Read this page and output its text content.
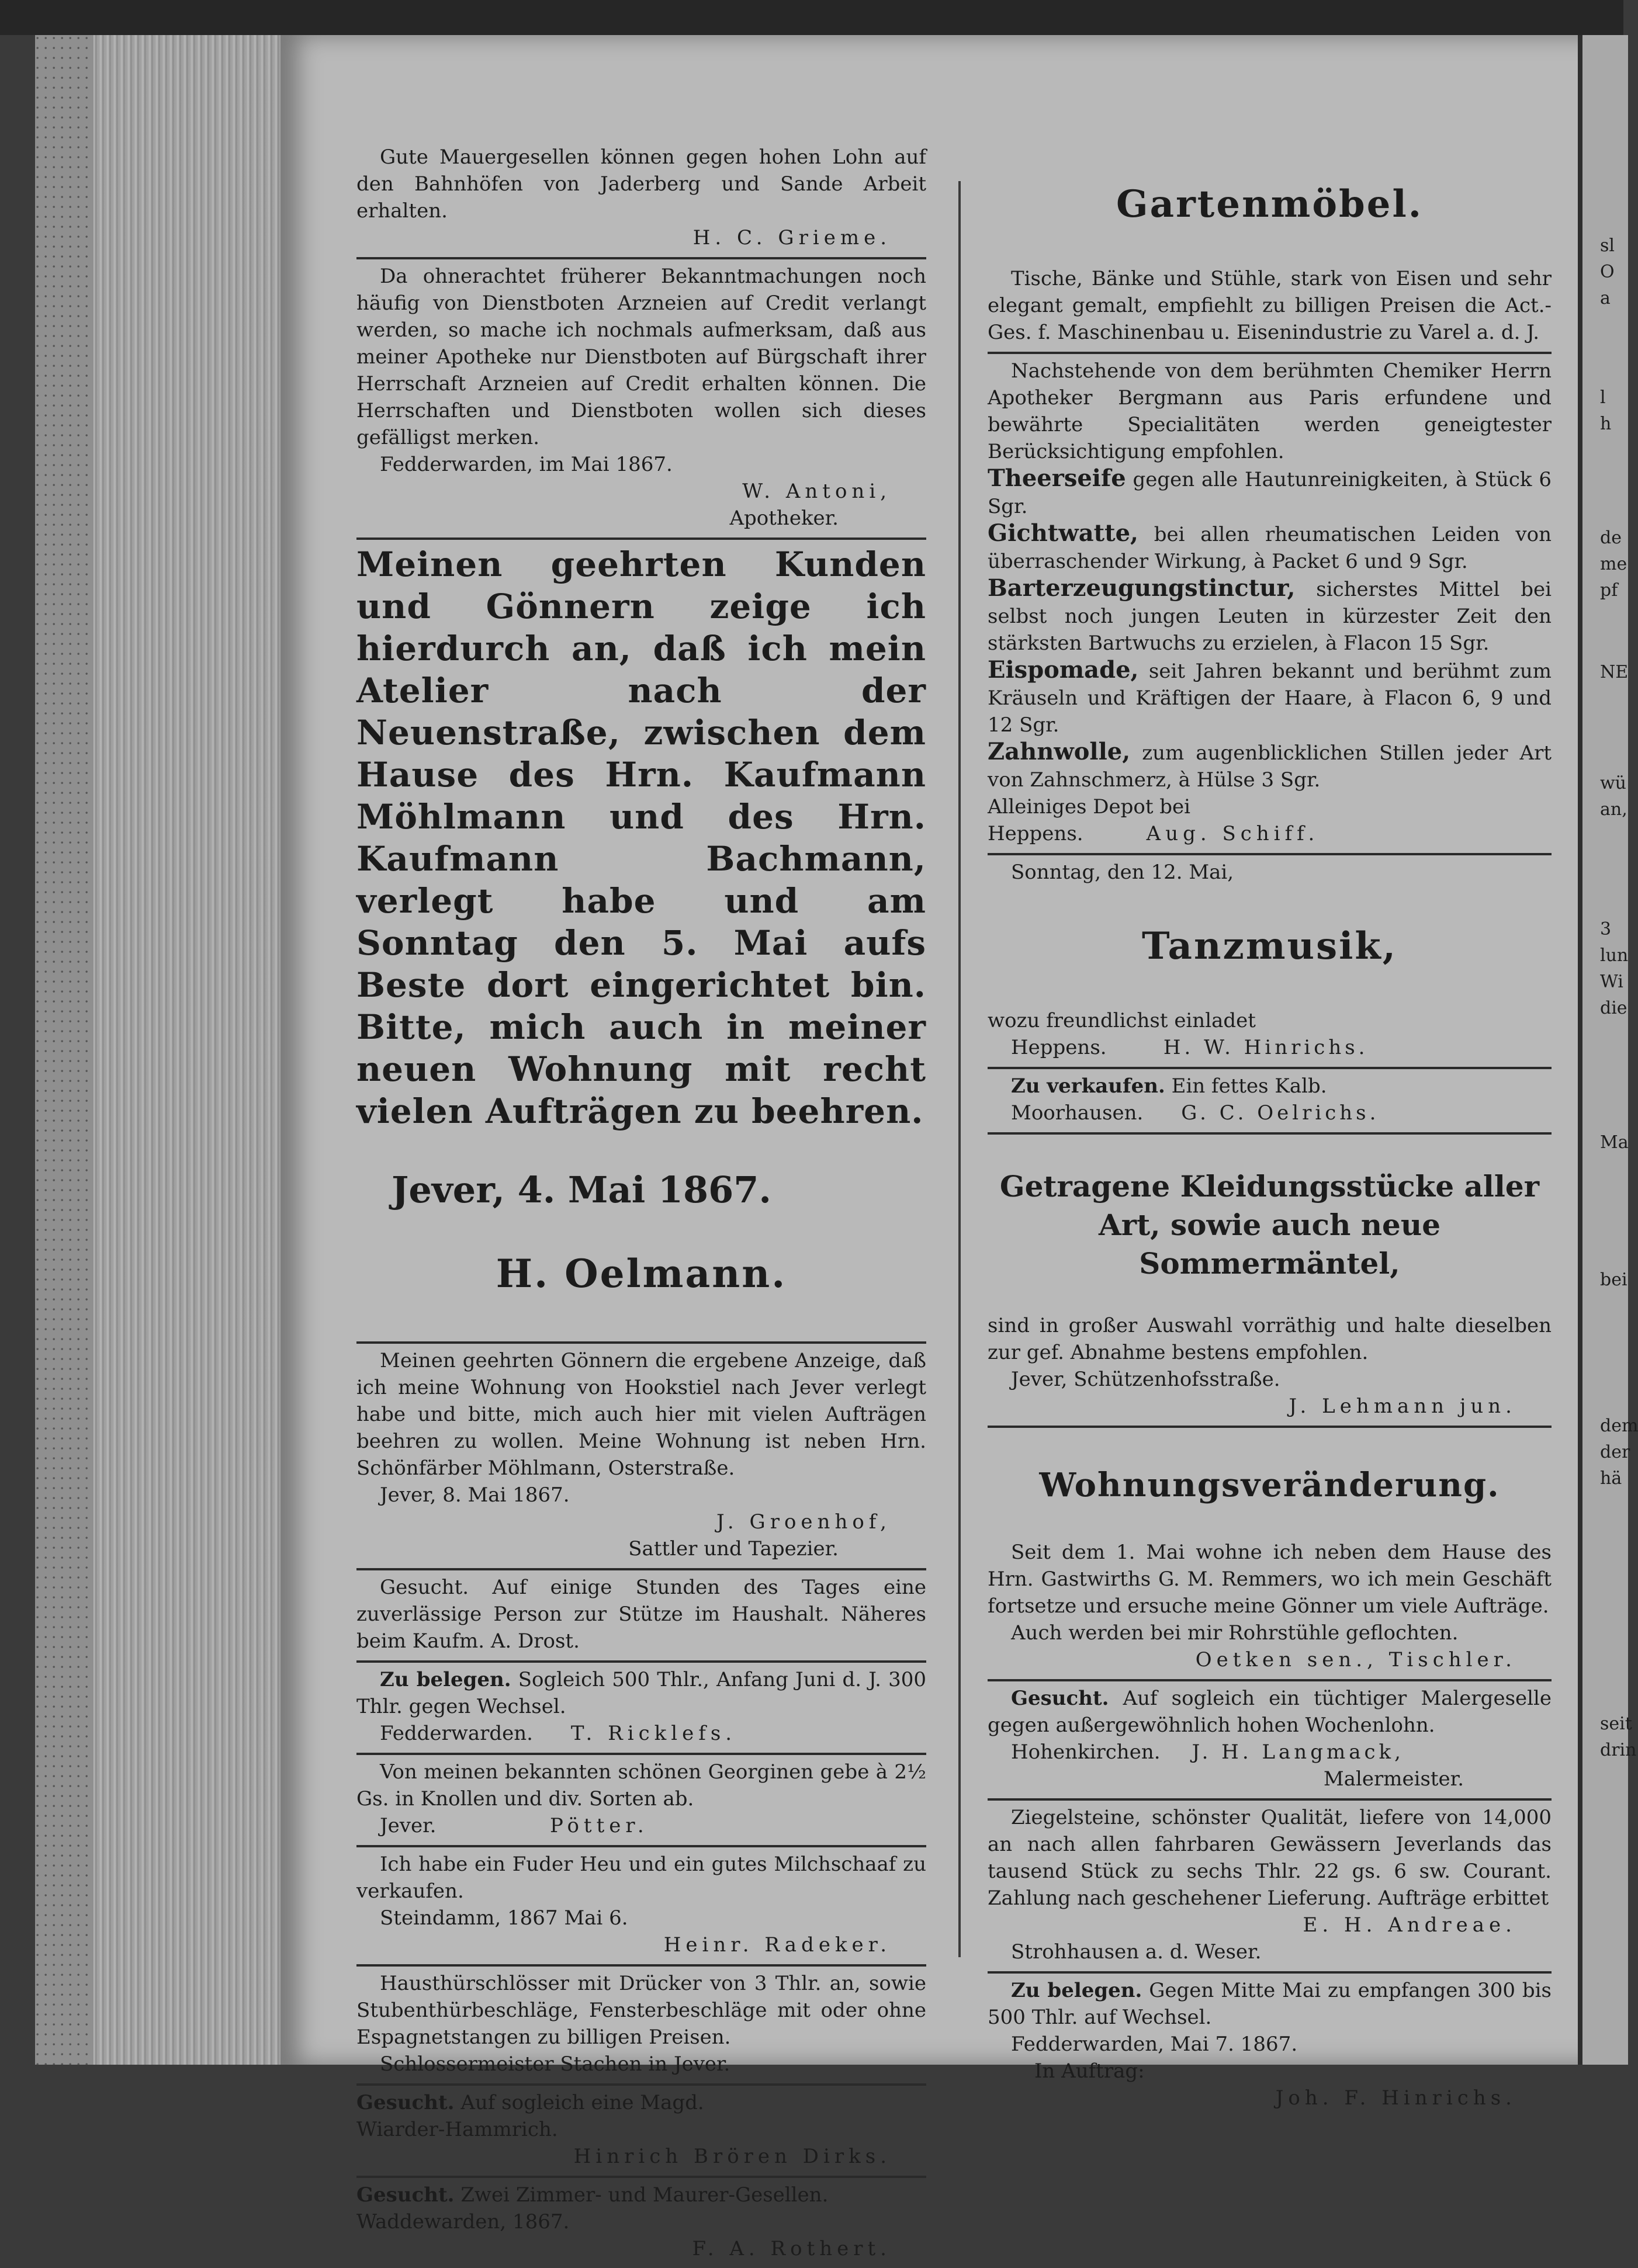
Gute Mauergesellen können gegen hohen Lohn auf den Bahnhöfen von Jaderberg und Sande Arbeit erhalten.

H. C. Grieme.

Da ohnerachtet früherer Bekanntmachungen noch häufig von Dienstboten Arzneien auf Credit verlangt werden, so mache ich nochmals aufmerksam, daß aus meiner Apotheke nur Dienstboten auf Bürgschaft ihrer Herrschaft Arzneien auf Credit erhalten können. Die Herrschaften und Dienstboten wollen sich dieses gefälligst merken.

Fedderwarden, im Mai 1867.

W. Antoni,

Apotheker.

Meinen geehrten Kunden und Gönnern zeige ich hierdurch an, daß ich mein Atelier nach der Neuenstraße, zwischen dem Hause des Hrn. Kaufmann Möhlmann und des Hrn. Kaufmann Bachmann, verlegt habe und am Sonntag den 5. Mai aufs Beste dort eingerichtet bin. Bitte, mich auch in meiner neuen Wohnung mit recht vielen Aufträgen zu beehren.

Jever, 4. Mai 1867.

H. Oelmann.

Meinen geehrten Gönnern die ergebene Anzeige, daß ich meine Wohnung von Hookstiel nach Jever verlegt habe und bitte, mich auch hier mit vielen Aufträgen beehren zu wollen. Meine Wohnung ist neben Hrn. Schönfärber Möhlmann, Osterstraße.

Jever, 8. Mai 1867.

J. Groenhof,

Sattler und Tapezier.

Gesucht. Auf einige Stunden des Tages eine zuverlässige Person zur Stütze im Haushalt. Näheres beim Kaufm. A. Drost.

Zu belegen. Sogleich 500 Thlr., Anfang Juni d. J. 300 Thlr. gegen Wechsel.

Fedderwarden. T. Ricklefs.

Von meinen bekannten schönen Georginen gebe à 2½ Gs. in Knollen und div. Sorten ab.

Jever.	Pötter.

Ich habe ein Fuder Heu und ein gutes Milchschaaf zu verkaufen.

Steindamm, 1867 Mai 6.

Heinr. Radeker.

Hausthürschlösser mit Drücker von 3 Thlr. an, sowie Stubenthürbeschläge, Fensterbeschläge mit oder ohne Espagnetstangen zu billigen Preisen.

Schlossermeister Stachen in Jever.

Gesucht. Auf sogleich eine Magd.

Wiarder-Hammrich.

Hinrich Brören Dirks.

Gesucht. Zwei Zimmer- und Maurer-Gesellen.

Waddewarden, 1867.

F. A. Rothert.

Gartenmöbel.

Tische, Bänke und Stühle, stark von Eisen und sehr elegant gemalt, empfiehlt zu billigen Preisen die Act.-Ges. f. Maschinenbau u. Eisenindustrie zu Varel a. d. J.

Nachstehende von dem berühmten Chemiker Herrn Apotheker Bergmann aus Paris erfundene und bewährte Specialitäten werden geneigtester Berücksichtigung empfohlen.

Theerseife gegen alle Hautunreinigkeiten, à Stück 6 Sgr.

Gichtwatte, bei allen rheumatischen Leiden von überraschender Wirkung, à Packet 6 und 9 Sgr.

Barterzeugungstinctur, sicherstes Mittel bei selbst noch jungen Leuten in kürzester Zeit den stärksten Bartwuchs zu erzielen, à Flacon 15 Sgr.

Eispomade, seit Jahren bekannt und berühmt zum Kräuseln und Kräftigen der Haare, à Flacon 6, 9 und 12 Sgr.

Zahnwolle, zum augenblicklichen Stillen jeder Art von Zahnschmerz, à Hülse 3 Sgr.

Alleiniges Depot bei

Heppens.	Aug. Schiff.

Sonntag, den 12. Mai,

Tanzmusik,

wozu freundlichst einladet

Heppens.	H. W. Hinrichs.

Zu verkaufen. Ein fettes Kalb.

Moorhausen. G. C. Oelrichs.

Getragene Kleidungsstücke aller Art, sowie auch neue Sommermäntel,

sind in großer Auswahl vorräthig und halte dieselben zur gef. Abnahme bestens empfohlen.

Jever, Schützenhofsstraße.

J. Lehmann jun.

Wohnungsveränderung.

Seit dem 1. Mai wohne ich neben dem Hause des Hrn. Gastwirths G. M. Remmers, wo ich mein Geschäft fortsetze und ersuche meine Gönner um viele Aufträge.

Auch werden bei mir Rohrstühle geflochten.

Oetken sen., Tischler.

Gesucht. Auf sogleich ein tüchtiger Malergeselle gegen außergewöhnlich hohen Wochenlohn.

Hohenkirchen. J. H. Langmack,

Malermeister.

Ziegelsteine, schönster Qualität, liefere von 14,000 an nach allen fahrbaren Gewässern Jeverlands das tausend Stück zu sechs Thlr. 22 gs. 6 sw. Courant. Zahlung nach geschehener Lieferung. Aufträge erbittet

E. H. Andreae.

Strohhausen a. d. Weser.

Zu belegen. Gegen Mitte Mai zu empfangen 300 bis 500 Thlr. auf Wechsel.

Fedderwarden, Mai 7. 1867.

In Auftrag:

Joh. F. Hinrichs.

sl
O
a
l
h
de
me
pf
NE
wü
an,
3
lun
Wi
die
Ma
bei
dem
der
hä
seit
drin
